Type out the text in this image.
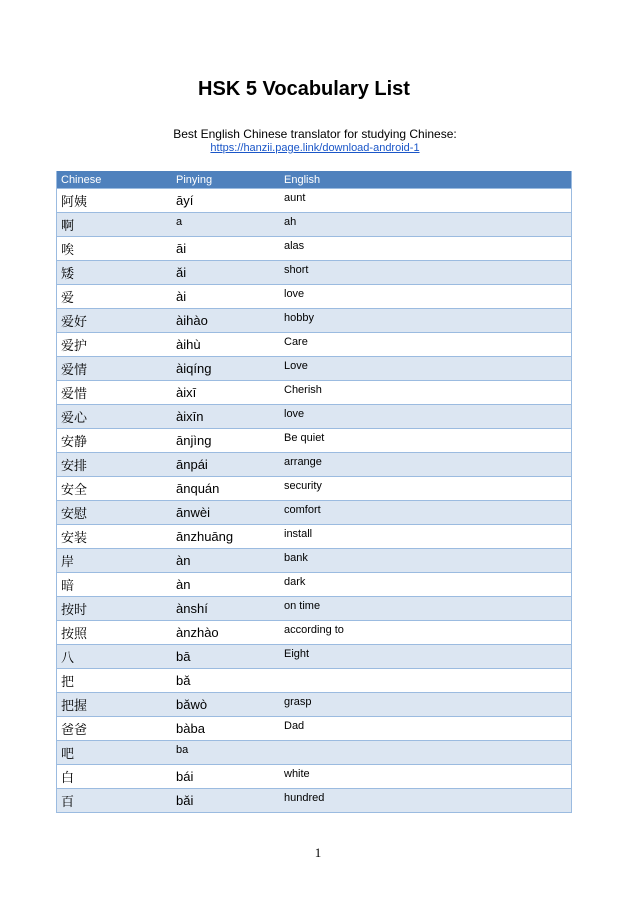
HSK 5 Vocabulary List
Best English Chinese translator for studying Chinese:
https://hanzii.page.link/download-android-1
Chinese	Pinying	English
阿姨	āyí	aunt
啊	a	ah
唉	āi	alas
矮	ǎi	short
爱	ài	love
爱好	àihào	hobby
爱护	àihù	Care
爱情	àiqíng	Love
爱惜	àixī	Cherish
爱心	àixīn	love
安静	ānjìng	Be quiet
安排	ānpái	arrange
安全	ānquán	security
安慰	ānwèi	comfort
安装	ānzhuāng	install
岸	àn	bank
暗	àn	dark
按时	ànshí	on time
按照	ànzhào	according to
八	bā	Eight
把	bǎ
把握	bǎwò	grasp
爸爸	bàba	Dad
吧	ba
白	bái	white
百	bǎi	hundred
1
